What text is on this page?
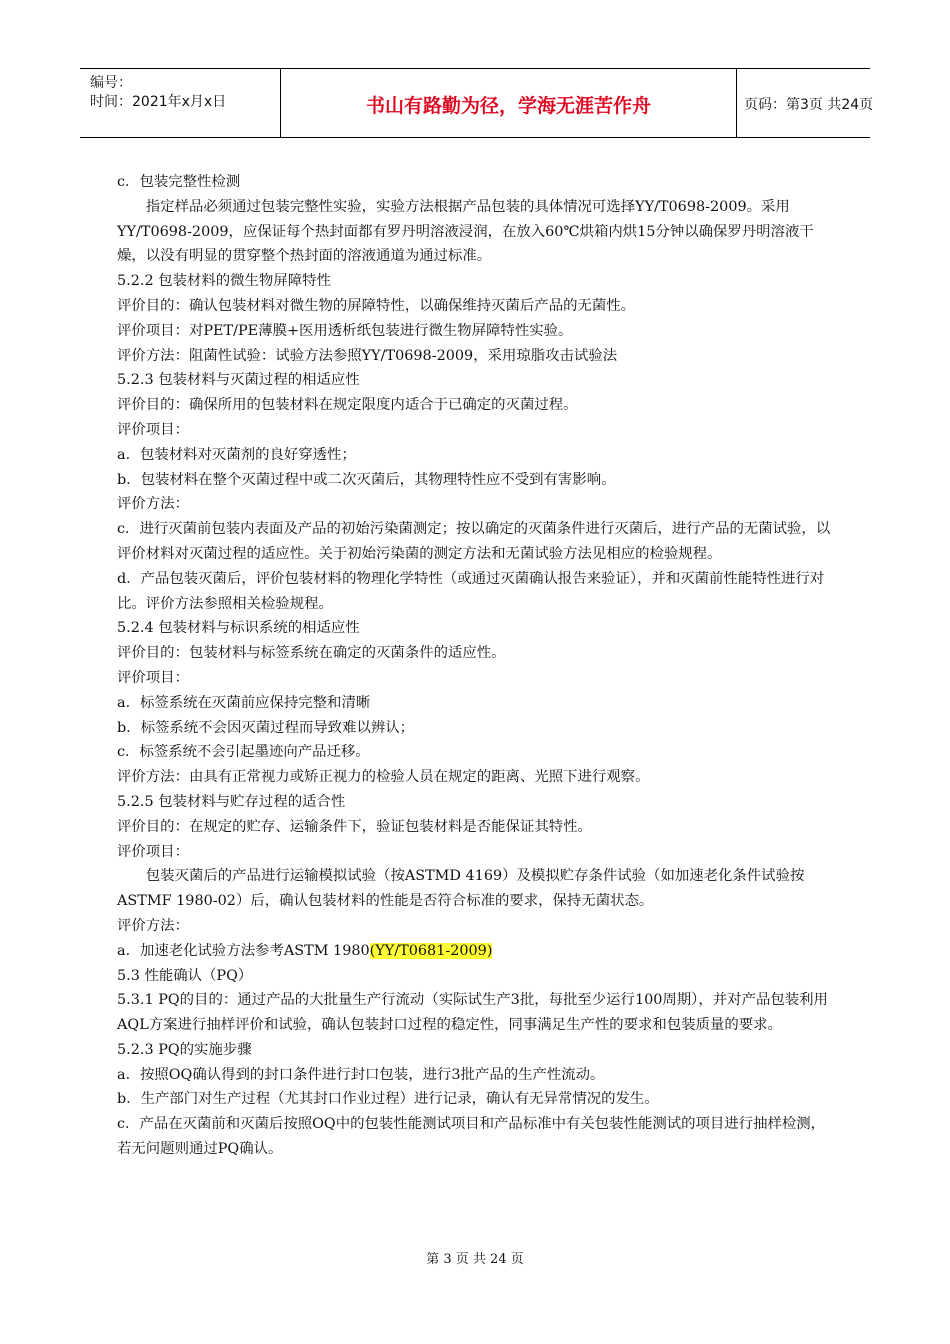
编号：
时间：2021年x月x日	书山有路勤为径，学海无涯苦作舟	页码：第3页 共24页

c．包装完整性检测

指定样品必须通过包装完整性实验，实验方法根据产品包装的具体情况可选择YY/T0698-2009。采用YY/T0698-2009，应保证每个热封面都有罗丹明溶液浸润，在放入60℃烘箱内烘15分钟以确保罗丹明溶液干燥，以没有明显的贯穿整个热封面的溶液通道为通过标准。

5.2.2 包装材料的微生物屏障特性

评价目的：确认包装材料对微生物的屏障特性，以确保维持灭菌后产品的无菌性。

评价项目：对PET/PE薄膜+医用透析纸包装进行微生物屏障特性实验。

评价方法：阻菌性试验：试验方法参照YY/T0698-2009，采用琼脂攻击试验法

5.2.3 包装材料与灭菌过程的相适应性

评价目的：确保所用的包装材料在规定限度内适合于已确定的灭菌过程。

评价项目：

a．包装材料对灭菌剂的良好穿透性；

b．包装材料在整个灭菌过程中或二次灭菌后，其物理特性应不受到有害影响。

评价方法：

c．进行灭菌前包装内表面及产品的初始污染菌测定；按以确定的灭菌条件进行灭菌后，进行产品的无菌试验，以评价材料对灭菌过程的适应性。关于初始污染菌的测定方法和无菌试验方法见相应的检验规程。

d．产品包装灭菌后，评价包装材料的物理化学特性（或通过灭菌确认报告来验证），并和灭菌前性能特性进行对比。评价方法参照相关检验规程。

5.2.4 包装材料与标识系统的相适应性

评价目的：包装材料与标签系统在确定的灭菌条件的适应性。

评价项目：

a．标签系统在灭菌前应保持完整和清晰

b．标签系统不会因灭菌过程而导致难以辨认；

c．标签系统不会引起墨迹向产品迁移。

评价方法：由具有正常视力或矫正视力的检验人员在规定的距离、光照下进行观察。

5.2.5 包装材料与贮存过程的适合性

评价目的：在规定的贮存、运输条件下，验证包装材料是否能保证其特性。

评价项目：

包装灭菌后的产品进行运输模拟试验（按ASTMD 4169）及模拟贮存条件试验（如加速老化条件试验按ASTMF 1980-02）后，确认包装材料的性能是否符合标准的要求，保持无菌状态。

评价方法：

a．加速老化试验方法参考ASTM 1980(YY/T0681-2009)

5.3 性能确认（PQ）

5.3.1 PQ的目的：通过产品的大批量生产行流动（实际试生产3批，每批至少运行100周期），并对产品包装利用AQL方案进行抽样评价和试验，确认包装封口过程的稳定性，同事满足生产性的要求和包装质量的要求。

5.2.3 PQ的实施步骤

a．按照OQ确认得到的封口条件进行封口包装，进行3批产品的生产性流动。

b．生产部门对生产过程（尤其封口作业过程）进行记录，确认有无异常情况的发生。

c．产品在灭菌前和灭菌后按照OQ中的包装性能测试项目和产品标准中有关包装性能测试的项目进行抽样检测，若无问题则通过PQ确认。

第 3 页 共 24 页
